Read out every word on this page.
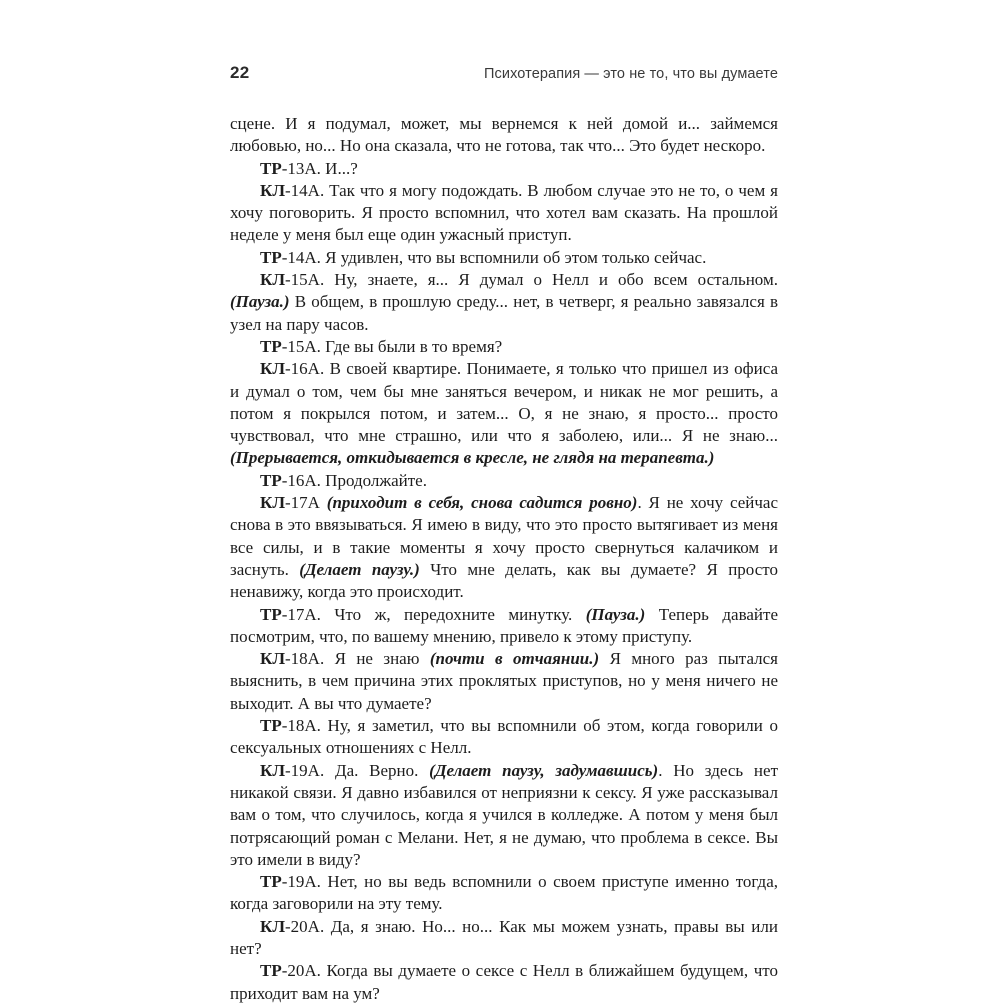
22	Психотерапия — это не то, что вы думаете

сцене. И я подумал, может, мы вернемся к ней домой и... займемся любовью, но... Но она сказала, что не готова, так что... Это будет нескоро.

ТР-13А. И...?

КЛ-14А. Так что я могу подождать. В любом случае это не то, о чем я хочу поговорить. Я просто вспомнил, что хотел вам сказать. На прошлой неделе у меня был еще один ужасный приступ.

ТР-14А. Я удивлен, что вы вспомнили об этом только сейчас.

КЛ-15А. Ну, знаете, я... Я думал о Нелл и обо всем остальном. (Пауза.) В общем, в прошлую среду... нет, в четверг, я реально завязался в узел на пару часов.

ТР-15А. Где вы были в то время?

КЛ-16А. В своей квартире. Понимаете, я только что пришел из офиса и думал о том, чем бы мне заняться вечером, и никак не мог решить, а потом я покрылся потом, и затем... О, я не знаю, я просто... просто чувствовал, что мне страшно, или что я заболею, или... Я не знаю... (Прерывается, откидывается в кресле, не глядя на терапевта.)

ТР-16А. Продолжайте.

КЛ-17А (приходит в себя, снова садится ровно). Я не хочу сейчас снова в это ввязываться. Я имею в виду, что это просто вытягивает из меня все силы, и в такие моменты я хочу просто свернуться калачиком и заснуть. (Делает паузу.) Что мне делать, как вы думаете? Я просто ненавижу, когда это происходит.

ТР-17А. Что ж, передохните минутку. (Пауза.) Теперь давайте посмотрим, что, по вашему мнению, привело к этому приступу.

КЛ-18А. Я не знаю (почти в отчаянии.) Я много раз пытался выяснить, в чем причина этих проклятых приступов, но у меня ничего не выходит. А вы что думаете?

ТР-18А. Ну, я заметил, что вы вспомнили об этом, когда говорили о сексуальных отношениях с Нелл.

КЛ-19А. Да. Верно. (Делает паузу, задумавшись). Но здесь нет никакой связи. Я давно избавился от неприязни к сексу. Я уже рассказывал вам о том, что случилось, когда я учился в колледже. А потом у меня был потрясающий роман с Мелани. Нет, я не думаю, что проблема в сексе. Вы это имели в виду?

ТР-19А. Нет, но вы ведь вспомнили о своем приступе именно тогда, когда заговорили на эту тему.

КЛ-20А. Да, я знаю. Но... но... Как мы можем узнать, правы вы или нет?

ТР-20А. Когда вы думаете о сексе с Нелл в ближайшем будущем, что приходит вам на ум?
